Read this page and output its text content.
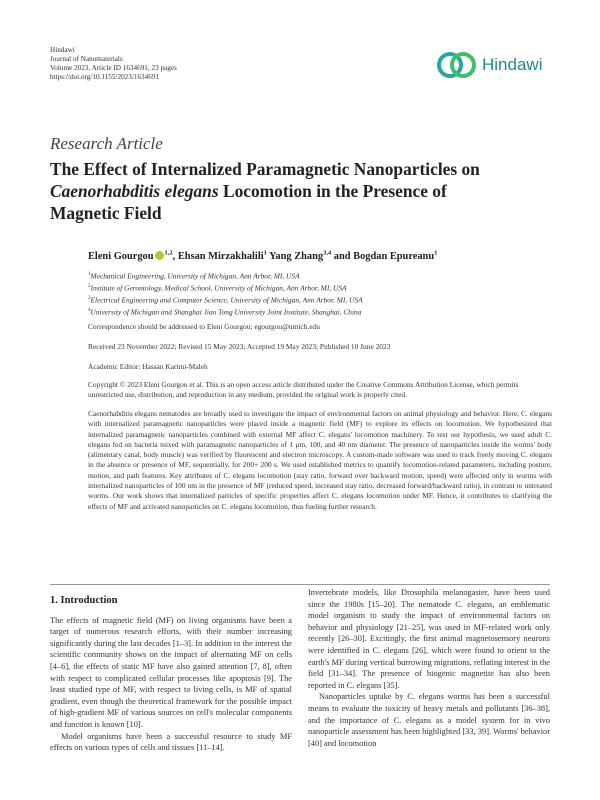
Hindawi
Journal of Nanomaterials
Volume 2023, Article ID 1634691, 23 pages
https://doi.org/10.1155/2023/1634691
Hindawi
Research Article
The Effect of Internalized Paramagnetic Nanoparticles on
Caenorhabditis elegans Locomotion in the Presence of
Magnetic Field
Eleni Gourgou $^{1,2}$, Ehsan Mirzakhalili$^1$ Yang Zhang$^{3,4}$ and Bogdan Epureanu$^1$
$^1$Mechanical Engineering, University of Michigan, Ann Arbor, MI, USA
$^2$Institute of Gerontology, Medical School, University of Michigan, Ann Arbor, MI, USA
$^3$Electrical Engineering and Computer Science, University of Michigan, Ann Arbor, MI, USA
$^4$University of Michigan and Shanghai Jiao Tong University Joint Institute, Shanghai, China
Correspondence should be addressed to Eleni Gourgou; egourgou@umich.edu
Received 23 November 2022; Revised 15 May 2023; Accepted 19 May 2023; Published 10 June 2023
Academic Editor: Hassan Karimi-Maleh
Copyright © 2023 Eleni Gourgou et al. This is an open access article distributed under the Creative Commons Attribution License, which permits unrestricted use, distribution, and reproduction in any medium, provided the original work is properly cited.
Caenorhabditis elegans nematodes are broadly used to investigate the impact of environmental factors on animal physiology and behavior. Here, C. elegans with internalized paramagnetic nanoparticles were placed inside a magnetic field (MF) to explore its effects on locomotion. We hypothesized that internalized paramagnetic nanoparticles combined with external MF affect C. elegans' locomotion machinery. To test our hypothesis, we used adult C. elegans fed on bacteria mixed with paramagnetic nanoparticles of 1 μm, 100, and 40 nm diameter. The presence of nanoparticles inside the worms' body (alimentary canal, body muscle) was verified by fluorescent and electron microscopy. A custom-made software was used to track freely moving C. elegans in the absence or presence of MF, sequentially, for 200+ 200 s. We used established metrics to quantify locomotion-related parameters, including posture, motion, and path features. Key attributes of C. elegans locomotion (stay ratio, forward over backward motion, speed) were affected only in worms with internalized nanoparticles of 100 nm in the presence of MF (reduced speed, increased stay ratio, decreased forward/backward ratio), in contrast to untreated worms. Our work shows that internalized particles of specific properties affect C. elegans locomotion under MF. Hence, it contributes to clarifying the effects of MF and activated nanoparticles on C. elegans locomotion, thus fueling further research.
1. Introduction

The effects of magnetic field (MF) on living organisms have been a target of numerous research efforts, with their number increasing significantly during the last decades [1–3]. In addition to the interest the scientific community shows on the impact of alternating MF on cells [4–6], the effects of static MF have also gained attention [7, 8], often with respect to complicated cellular processes like apoptosis [9]. The least studied type of MF, with respect to living cells, is MF of spatial gradient, even though the theoretical framework for the possible impact of high-gradient MF of various sources on cell's molecular components and function is known [10].

Model organisms have been a successful resource to study MF effects on various types of cells and tissues [11–14].

Invertebrate models, like Drosophila melanogaster, have been used since the 1980s [15–20]. The nematode C. elegans, an emblematic model organism to study the impact of environmental factors on behavior and physiology [21–25], was used in MF-related work only recently [26–30]. Excitingly, the first animal magnetosensory neurons were identified in C. elegans [26], which were found to orient to the earth's MF during vertical burrowing migrations, reflating interest in the field [31–34]. The presence of biogenic magnetite has also been reported in C. elegans [35].

Nanoparticles uptake by C. elegans worms has been a successful means to evaluate the toxicity of heavy metals and pollutants [36–38], and the importance of C. elegans as a model system for in vivo nanoparticle assessment has been highlighted [33, 39]. Worms' behavior [40] and locomotion
